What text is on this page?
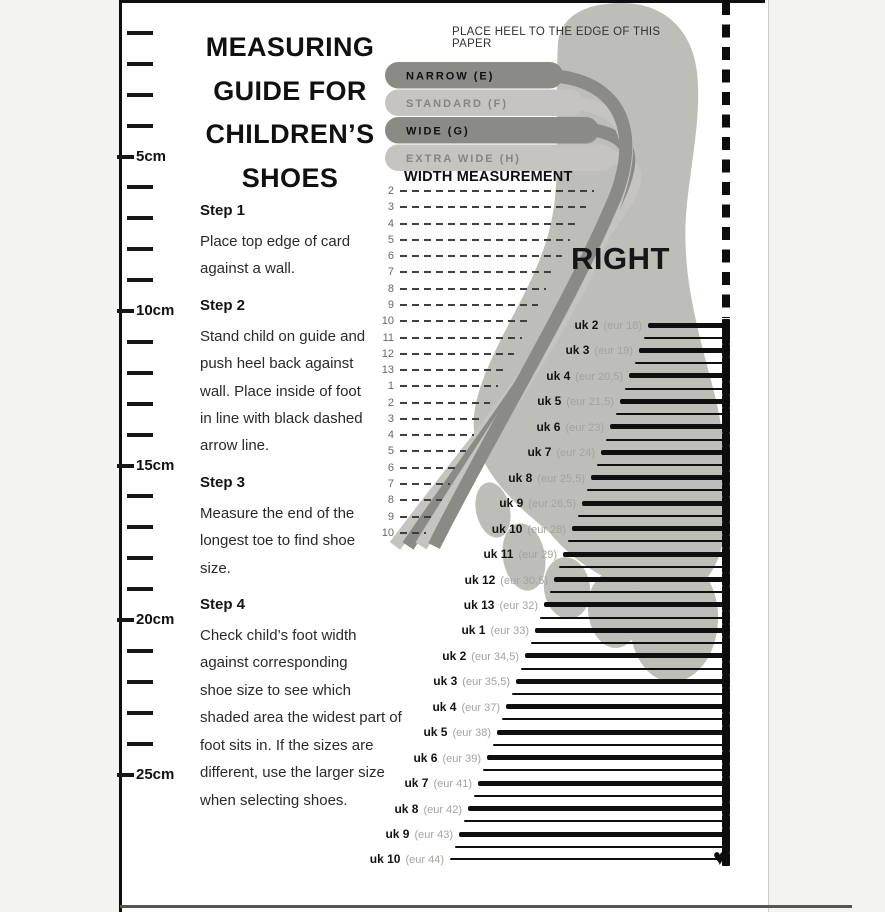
NARROW (E)
STANDARD (F)
WIDE (G)
EXTRA WIDE (H)
5cm
10cm
15cm
20cm
25cm
PLACE HEEL TO THE EDGE OF THIS PAPER
MEASURING
GUIDE FOR
CHILDREN’S
SHOES
Step 1
Place top edge of card
against a wall.
Step 2
Stand child on guide and
push heel back against
wall. Place inside of foot
in line with black dashed
arrow line.
Step 3
Measure the end of the
longest toe to find shoe
size.
Step 4
Check child’s foot width
against corresponding
shoe size to see which
shaded area the widest part of
foot sits in. If the sizes are
different, use the larger size
when selecting shoes.
WIDTH MEASUREMENT
RIGHT
2
3
4
5
6
7
8
9
10
11
12
13
1
2
3
4
5
6
7
8
9
10
uk 2 (eur 18)
uk 3 (eur 19)
uk 4 (eur 20,5)
uk 5 (eur 21,5)
uk 6 (eur 23)
uk 7 (eur 24)
uk 8 (eur 25,5)
uk 9 (eur 26,5)
uk 10 (eur 28)
uk 11 (eur 29)
uk 12 (eur 30,5)
uk 13 (eur 32)
uk 1 (eur 33)
uk 2 (eur 34,5)
uk 3 (eur 35,5)
uk 4 (eur 37)
uk 5 (eur 38)
uk 6 (eur 39)
uk 7 (eur 41)
uk 8 (eur 42)
uk 9 (eur 43)
uk 10 (eur 44)	♥
